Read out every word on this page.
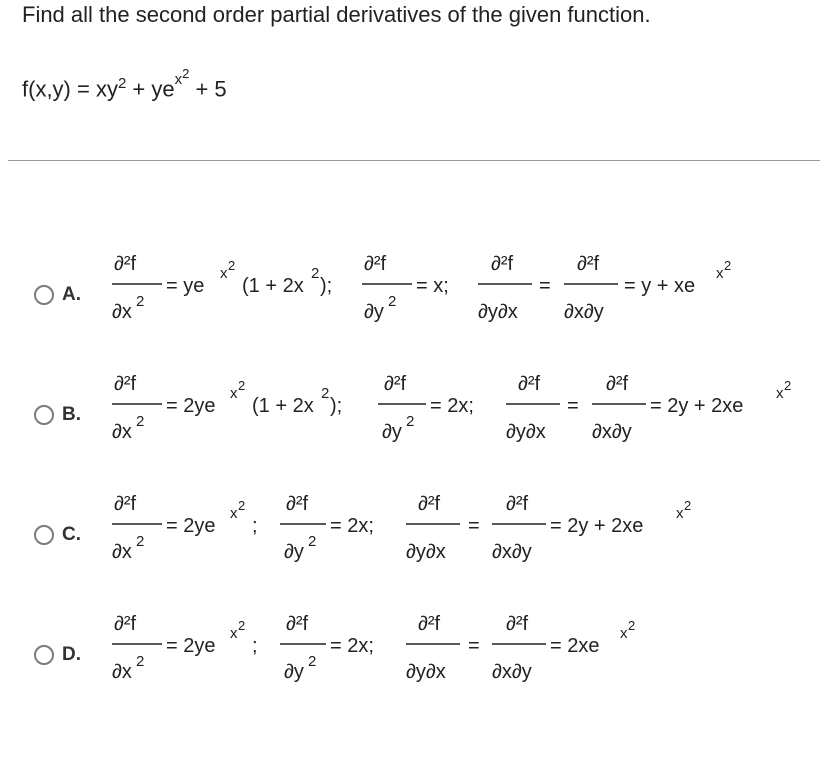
Find all the second order partial derivatives of the given function.
$f(x,y) = xy^2 + ye^{x^2} + 5$
A.
∂²f
∂x 2
= ye
x 2
(1 + 2x
2
);
∂²f
∂y 2
= x;
∂²f
∂y∂x
=
∂²f
∂x∂y
= y + xe
x 2
B.
∂²f
∂x 2
= 2ye
x 2
(1 + 2x
2
);
∂²f
∂y 2
= 2x;
∂²f
∂y∂x
=
∂²f
∂x∂y
= 2y + 2xe
x 2
C.
∂²f
∂x 2
= 2ye
x 2
;
∂²f
∂y 2
= 2x;
∂²f
∂y∂x
=
∂²f
∂x∂y
= 2y + 2xe
x 2
D.
∂²f
∂x 2
= 2ye
x 2
;
∂²f
∂y 2
= 2x;
∂²f
∂y∂x
=
∂²f
∂x∂y
= 2xe
x 2
